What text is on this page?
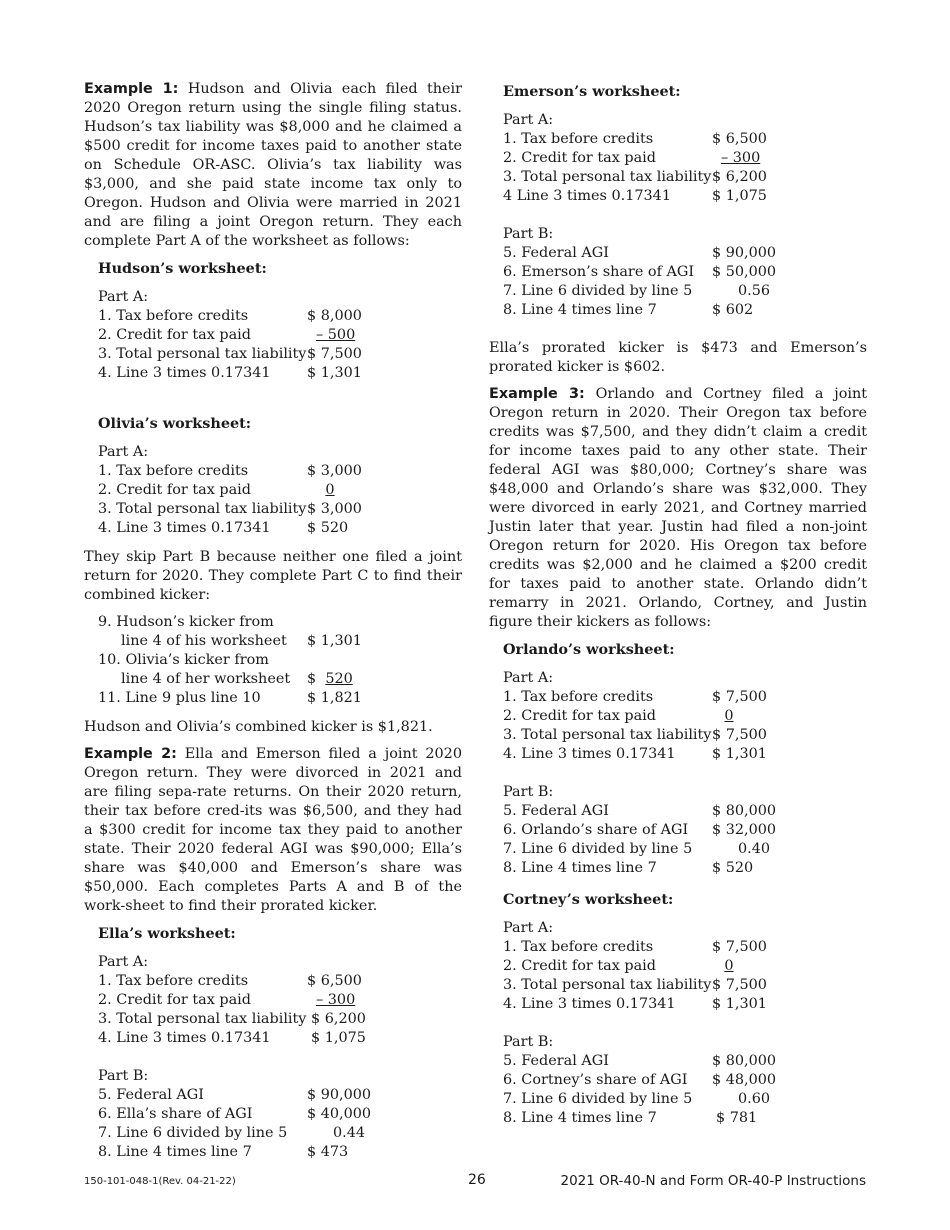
Example 1: Hudson and Olivia each filed their 2020 Oregon return using the single filing status. Hudson’s tax liability was $8,000 and he claimed a $500 credit for income taxes paid to another state on Schedule OR-ASC. Olivia’s tax liability was $3,000, and she paid state income tax only to Oregon. Hudson and Olivia were married in 2021 and are filing a joint Oregon return. They each complete Part A of the worksheet as follows:

Hudson’s worksheet:
Part A:
1. Tax before credits	$ 8,000
2. Credit for tax paid	– 500
3. Total personal tax liability $ 7,500
4. Line 3 times 0.17341	$ 1,301
Olivia’s worksheet:
Part A:
1. Tax before credits	$ 3,000
2. Credit for tax paid	0
3. Total personal tax liability $ 3,000
4. Line 3 times 0.17341	$ 520

They skip Part B because neither one filed a joint return for 2020. They complete Part C to find their combined kicker:

9. Hudson’s kicker from
line 4 of his worksheet	$ 1,301
10. Olivia’s kicker from
line 4 of her worksheet	$ 520
11. Line 9 plus line 10	$ 1,821

Hudson and Olivia’s combined kicker is $1,821.

Example 2: Ella and Emerson filed a joint 2020 Oregon return. They were divorced in 2021 and are filing sepa-rate returns. On their 2020 return, their tax before cred-its was $6,500, and they had a $300 credit for income tax they paid to another state. Their 2020 federal AGI was $90,000; Ella’s share was $40,000 and Emerson’s share was $50,000. Each completes Parts A and B of the work-sheet to find their prorated kicker.

Ella’s worksheet:
Part A:
1. Tax before credits	$ 6,500
2. Credit for tax paid	– 300
3. Total personal tax liability $ 6,200
4. Line 3 times 0.17341	$ 1,075
Part B:
5. Federal AGI	$ 90,000
6. Ella’s share of AGI	$ 40,000
7. Line 6 divided by line 5	0.44
8. Line 4 times line 7	$ 473
Emerson’s worksheet:
Part A:
1. Tax before credits	$ 6,500
2. Credit for tax paid	– 300
3. Total personal tax liability $ 6,200
4 Line 3 times 0.17341	$ 1,075
Part B:
5. Federal AGI	$ 90,000
6. Emerson’s share of AGI	$ 50,000
7. Line 6 divided by line 5	0.56
8. Line 4 times line 7	$ 602

Ella’s prorated kicker is $473 and Emerson’s prorated kicker is $602.

Example 3: Orlando and Cortney filed a joint Oregon return in 2020. Their Oregon tax before credits was $7,500, and they didn’t claim a credit for income taxes paid to any other state. Their federal AGI was $80,000; Cortney’s share was $48,000 and Orlando’s share was $32,000. They were divorced in early 2021, and Cortney married Justin later that year. Justin had filed a non-joint Oregon return for 2020. His Oregon tax before credits was $2,000 and he claimed a $200 credit for taxes paid to another state. Orlando didn’t remarry in 2021. Orlando, Cortney, and Justin figure their kickers as follows:

Orlando’s worksheet:
Part A:
1. Tax before credits	$ 7,500
2. Credit for tax paid	0
3. Total personal tax liability $ 7,500
4. Line 3 times 0.17341	$ 1,301
Part B:
5. Federal AGI	$ 80,000
6. Orlando’s share of AGI	$ 32,000
7. Line 6 divided by line 5	0.40
8. Line 4 times line 7	$ 520
Cortney’s worksheet:
Part A:
1. Tax before credits	$ 7,500
2. Credit for tax paid	0
3. Total personal tax liability $ 7,500
4. Line 3 times 0.17341	$ 1,301
Part B:
5. Federal AGI	$ 80,000
6. Cortney’s share of AGI	$ 48,000
7. Line 6 divided by line 5	0.60
8. Line 4 times line 7	$ 781
150-101-048-1(Rev. 04-21-22)	26	2021 OR-40-N and Form OR-40-P Instructions
